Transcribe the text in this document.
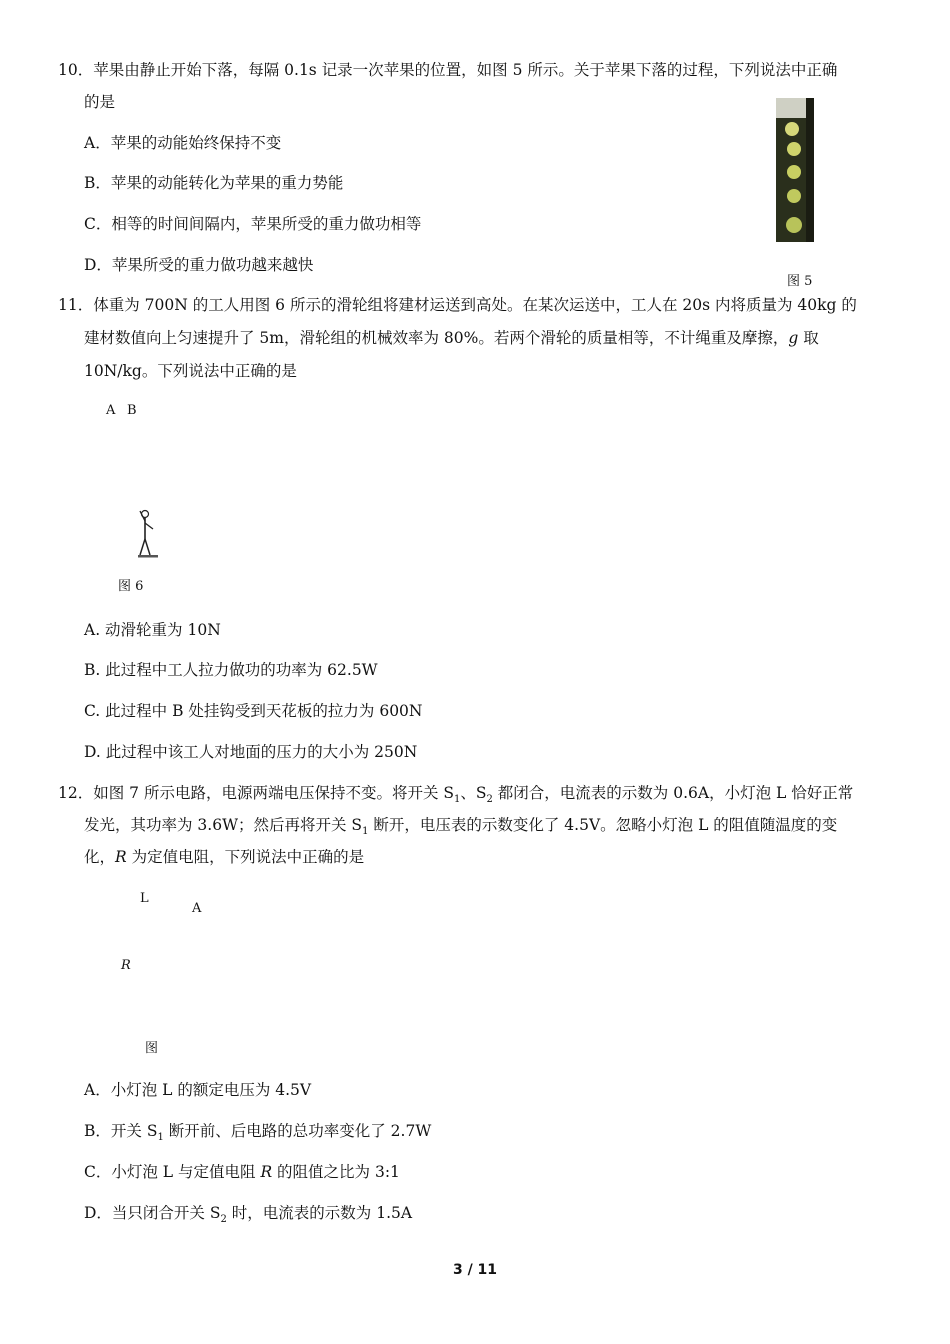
10．苹果由静止开始下落，每隔 0.1s 记录一次苹果的位置，如图 5 所示。关于苹果下落的过程，下列说法中正确
的是
A．苹果的动能始终保持不变
B．苹果的动能转化为苹果的重力势能
C．相等的时间间隔内，苹果所受的重力做功相等
D．苹果所受的重力做功越来越快
图 5
11．体重为 700N 的工人用图 6 所示的滑轮组将建材运送到高处。在某次运送中，工人在 20s 内将质量为 40kg 的
建材数值向上匀速提升了 5m，滑轮组的机械效率为 80%。若两个滑轮的质量相等，不计绳重及摩擦，g 取
10N/kg。下列说法中正确的是
A B
图 6
A. 动滑轮重为 10N
B. 此过程中工人拉力做功的功率为 62.5W
C. 此过程中 B 处挂钩受到天花板的拉力为 600N
D. 此过程中该工人对地面的压力的大小为 250N
12．如图 7 所示电路，电源两端电压保持不变。将开关 $S_1$、$S_2$ 都闭合，电流表的示数为 0.6A，小灯泡 L 恰好正常
发光，其功率为 3.6W；然后再将开关 $S_1$ 断开，电压表的示数变化了 4.5V。忽略小灯泡 L 的阻值随温度的变
化，R 为定值电阻，下列说法中正确的是
L
A
R
图
A．小灯泡 L 的额定电压为 4.5V
B．开关 $S_1$ 断开前、后电路的总功率变化了 2.7W
C．小灯泡 L 与定值电阻 R 的阻值之比为 3:1
D．当只闭合开关 $S_2$ 时，电流表的示数为 1.5A
3 / 11
